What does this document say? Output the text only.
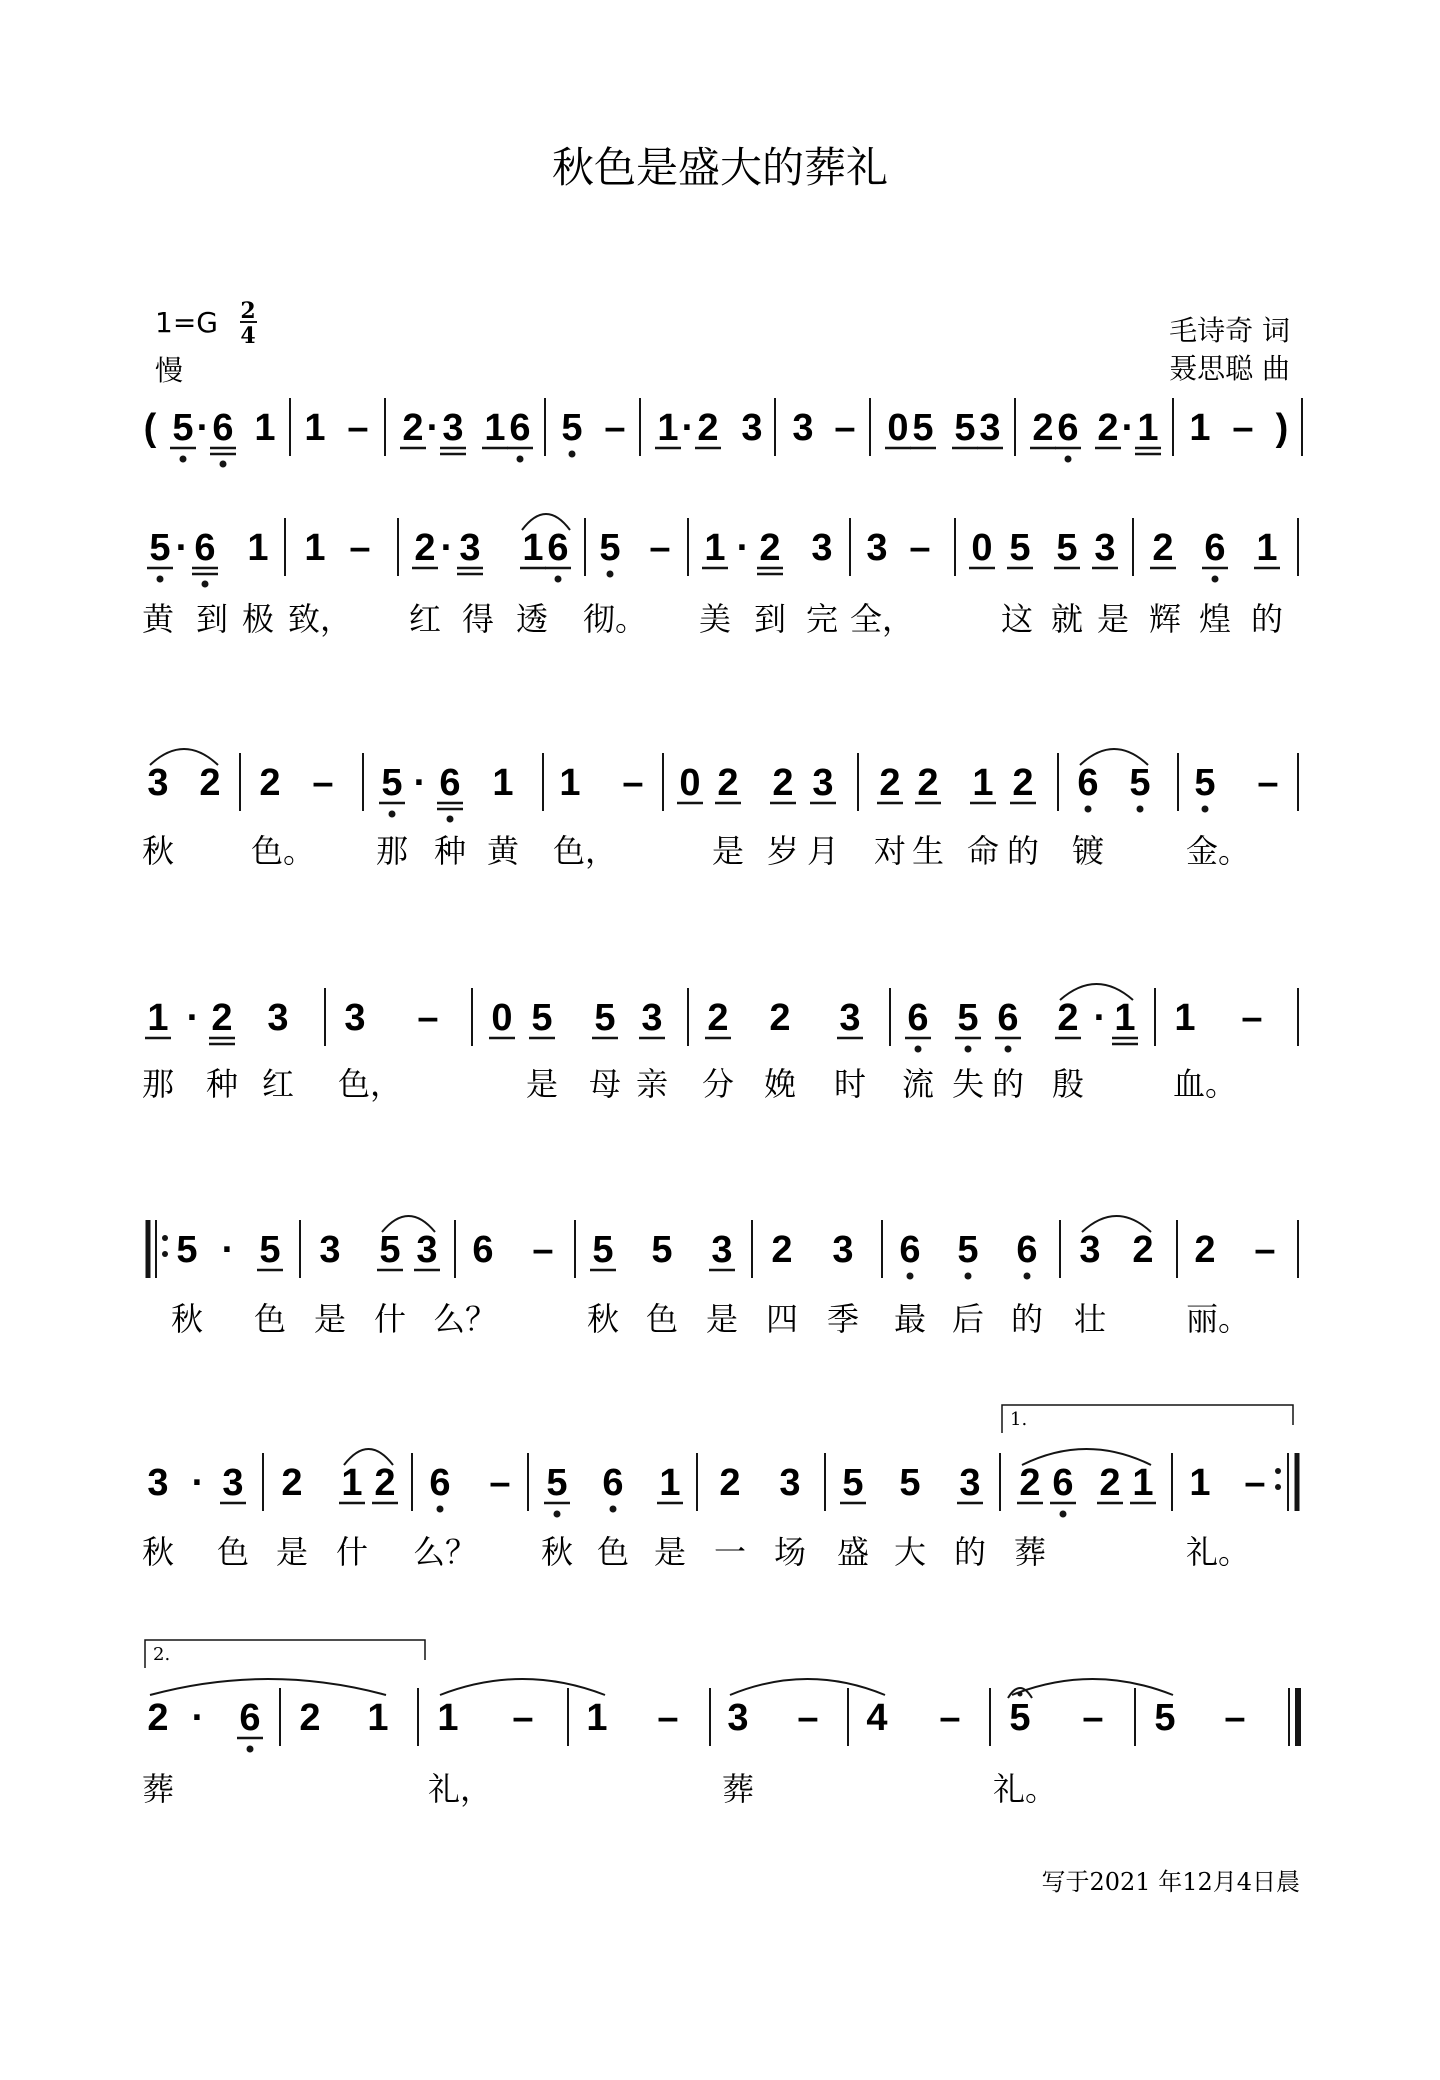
秋色是盛大的葬礼
1=G 2
4
慢
毛诗奇 词
聂思聪 曲
( 5 · 6 1 1 – 2 · 3 1 6 5 – 1 · 2 3 3 – 0 5 5 3 2 6 2 · 1 1 – )
5 · 6 1 1 – 2 · 3 1 6 5 – 1 · 2 3 3 – 0 5 5 3 2 6 1
黄 到 极 致， 红 得 透 彻。 美 到 完 全，	这 就 是 辉 煌 的
3 2 2 – 5 · 6 1 1 – 0 2 2 3 2 2 1 2 6 5 5 –
秋 色。 那 种 黄 色，	是 岁 月 对 生 命 的 镀	金。
1 · 2 3 3 – 0 5 5 3 2 2 3 6 5 6 2 · 1 1 –
那 种 红 色，	是 母 亲 分 娩 时 流 失 的 殷	血。
5 · 5 3 5 3 6 – 5 5 3 2 3 6 5 6 3 2 2 –
秋 色 是 什 么？	秋 色 是 四 季 最 后 的 壮 丽。
3 · 3 2 1 2 6 – 5 6 1 2 3 5 5 3 2 6 2 1 1 –
1.
秋 色 是 什 么？ 秋 色 是 一 场 盛 大 的 葬	礼。
2 · 6 2 1 1 – 1 – 3 – 4 – 5 – 5 –
2.
葬	礼，	葬	礼。
写于2021 年12月4日晨
